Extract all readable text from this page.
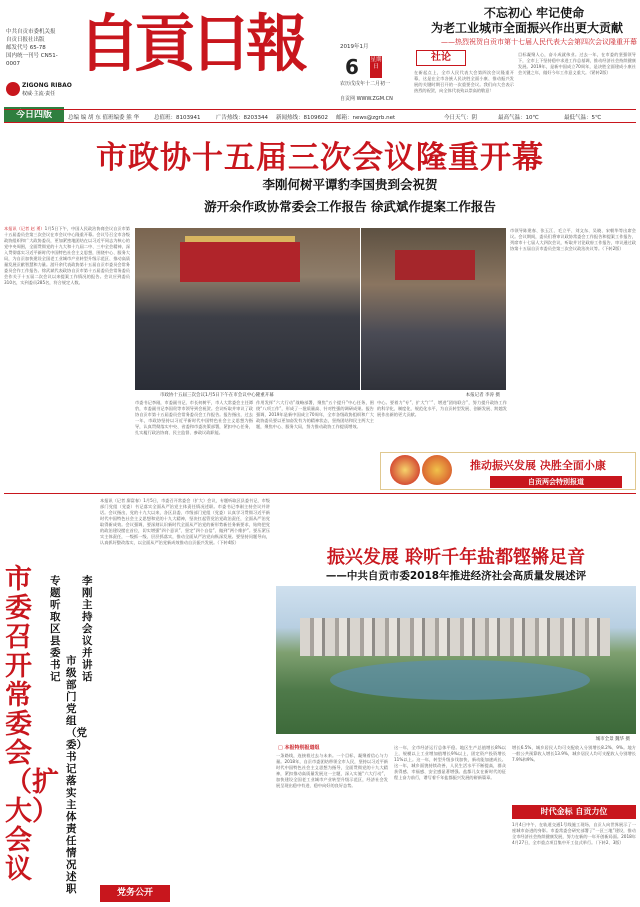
中共自贡市委机关报
自贡日报社出版
邮发代号 65-78
国内统一刊号 CN51-0007
ZIGONG RIBAO
权威·主流·责任
自貢日報	2019年1月
6 星期日
农历戊戌年十二月初一
自贡网 WWW.ZGM.CN
不忘初心 牢记使命
为老工业城市全面振兴作出更大贡献
——热烈祝贺自贡市第十七届人民代表大会第四次会议隆重开幕
社论
在新起点上，全市人民代表大会第四次会议隆重开幕，这是在全市各族人民决胜全面小康、推动振兴发展的关键时期召开的一次重要会议。我们向大会表示热烈的祝贺，向全体代表致以崇高的敬意！
目标凝聚人心，奋斗成就伟业。过去一年，在市委的坚强领导下，全市上下坚持稳中求进工作总基调，推动经济社会持续健康发展。2019年，是新中国成立70周年，是决胜全面建成小康社会关键之年，做好今年工作意义重大。（紧转2版）
今日四版	总编 编 胡 东 值班编委 熊 华	总值班：8103941	广告热线：8203344 新闻热线：8109602 邮箱：news@zgrb.net	今日天气：阴	最高气温：10℃	最低气温：5℃
市政协十五届三次会议隆重开幕
李刚何树平谭豹李国贵到会祝贺
游开余作政协常委会工作报告 徐武斌作提案工作报告
本报讯（记者 赵 勇）1月5日下午，中国人民政治协商会议自贡市第十五届委员会第三次会议在市会议中心隆重开幕。会议号召全市各级政协组织和广大政协委员，更加紧密地团结在以习近平同志为核心的党中央周围，全面贯彻党的十九大和十九届二中、三中全会精神，深入贯彻落实习近平新时代中国特色社会主义思想，围绕中心、服务大局，为自贡加快建设全国老工业城市产业转型升级示范区、推动高质量发展贡献智慧和力量。游开余代表政协第十五届自贡市委员会常务委员会作工作报告。徐武斌代表政协自贡市第十五届委员会常务委员会作关于十五届二次会议以来提案工作情况的报告。会议应到委员310名，实到委员285名，符合规定人数。
市政协十五届三次会议1月5日下午在市会议中心隆重开幕	本报记者 李涛 摄
市委书记李刚，市委副书记、市长何树平，市人大常委会主任谭豹，市委副书记李国贵等市领导到会祝贺。会议听取并审议了政协自贡市第十五届委员会常务委员会工作报告。报告指出，过去一年，市政协坚持以习近平新时代中国特色社会主义思想为指导，认真贯彻落实中央、省委和市委决策部署，紧扣中心任务，扎实履行政治协商、民主监督、参政议政职能。
作用发挥“六大行动”战略部署，聚焦“五个提升”中心任务，围绕“八项工作”，形成了一批质量高、针对性强的调研成果。报告强调，2019年是新中国成立70周年，全市各级政协组织和广大政协委员要以更加奋发有为的精神状态，坚持团结和民主两大主题，聚焦中心、服务大局，努力推动政协工作提质增效。
中心。要着力“专”、扩大“广”、增进“团结联合”，努力提升政协工作的科学化、制度化、规范化水平，为自贡转型发展、创新发展、跨越发展作出新的更大贡献。
市领导陈建春、张玉江、毛立平、刘文东、吴晓、宋朝华等出席会议。会议期间，委员们将审议政协常委会工作报告和提案工作报告，列席市十七届人大四次会议，听取并讨论政府工作报告，审议通过政协第十五届自贡市委员会第三次会议政治决议等。（下转2版）
推动振兴发展 决胜全面小康
自贡两会特别报道
市委召开常委会（扩大）会议
专题听取区县委书记
市级部门党组（党委）书记落实主体责任情况述职
李刚主持会议并讲话
本报讯（记者 廖富春）1月5日，市委召开常委会（扩大）会议，专题听取区县委书记、市级部门党组（党委）书记落实全面从严治党主体责任情况述职。市委书记李刚主持会议并讲话。会议指出，党的十九大以来，各区县委、市级部门党组（党委）认真学习贯彻习近平新时代中国特色社会主义思想和党的十九大精神，坚决扛起管党治党政治责任，全面从严治党取得新成效。会议强调，要深刻认识新时代全面从严治党的新形势新任务新要求，始终把党的政治建设摆在首位，切实增强“四个意识”、坚定“四个自信”、做到“两个维护”。要压紧压实主体责任，一级抓一级、层层抓落实，推动全面从严治党向纵深发展。要坚持问题导向，认真抓好整改落实，以全面从严治党新成效推动自贡振兴发展。（下转4版）
党务公开
振兴发展 聆听千年盐都铿锵足音
——中共自贡市委2018年推进经济社会高质量发展述评
城市全景 魏华 摄
□ 本报特别报道组
一条路线，连接着过去与未来。一个目标，凝聚着信心与力量。2018年，自贡市委团结带领全市人民，坚持以习近平新时代中国特色社会主义思想为指导，全面贯彻党的十九大精神，紧扣推动高质量发展这一主题，深入实施“六大行动”，加快建设全国老工业城市产业转型升级示范区，经济社会发展呈现出稳中有进、稳中向好的良好态势。
这一年，全市经济运行总体平稳。地区生产总值增长8%以上，规模以上工业增加值增长9%以上，固定资产投资增长11%以上。这一年，转型升级步伐加快，新动能加速成长。这一年，城乡面貌持续改善，人民生活水平不断提高，群众获得感、幸福感、安全感显著增强。盐都儿女在新时代的征程上奋力前行，谱写着千年盐都振兴发展的崭新篇章。
增长6.5%，城乡居民人均可支配收入分别增长8.2%、9%。地方一般公共预算收入增长13.9%，城乡居民人均可支配收入分别增长7.9%和9%。
时代金标 自贡力位
1月4日中午，在轨道交通1号线施工现场，自贡人向世界展示了一座城市奋进的身影。市委常委会研究部署了“一区三地”建设，推动全市经济社会持续健康发展，努力在新的一年开创新局面。2018年4月27日，全市重点项目集中开工仪式举行。（下转2、3版）
